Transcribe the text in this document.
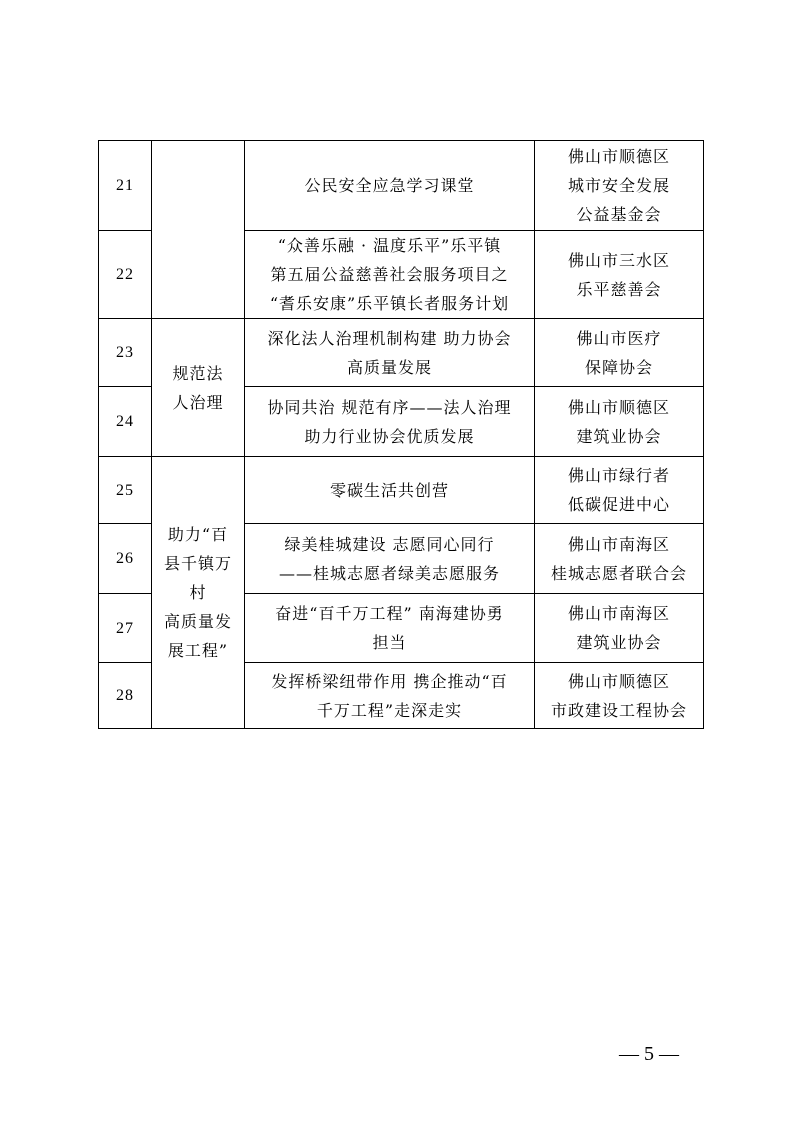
21		公民安全应急学习课堂	佛山市顺德区
城市安全发展
公益基金会

22		“众善乐融 · 温度乐平”乐平镇
第五届公益慈善社会服务项目之
“耆乐安康”乐平镇长者服务计划	佛山市三水区
乐平慈善会

23	规范法
人治理	深化法人治理机制构建 助力协会
高质量发展	佛山市医疗
保障协会

24		协同共治 规范有序——法人治理
助力行业协会优质发展	佛山市顺德区
建筑业协会

25	助力“百
县千镇万
村
高质量发
展工程”	零碳生活共创营	佛山市绿行者
低碳促进中心

26		绿美桂城建设 志愿同心同行
——桂城志愿者绿美志愿服务	佛山市南海区
桂城志愿者联合会

27		奋进“百千万工程” 南海建协勇
担当	佛山市南海区
建筑业协会

28		发挥桥梁纽带作用 携企推动“百
千万工程”走深走实	佛山市顺德区
市政建设工程协会
— 5 —
